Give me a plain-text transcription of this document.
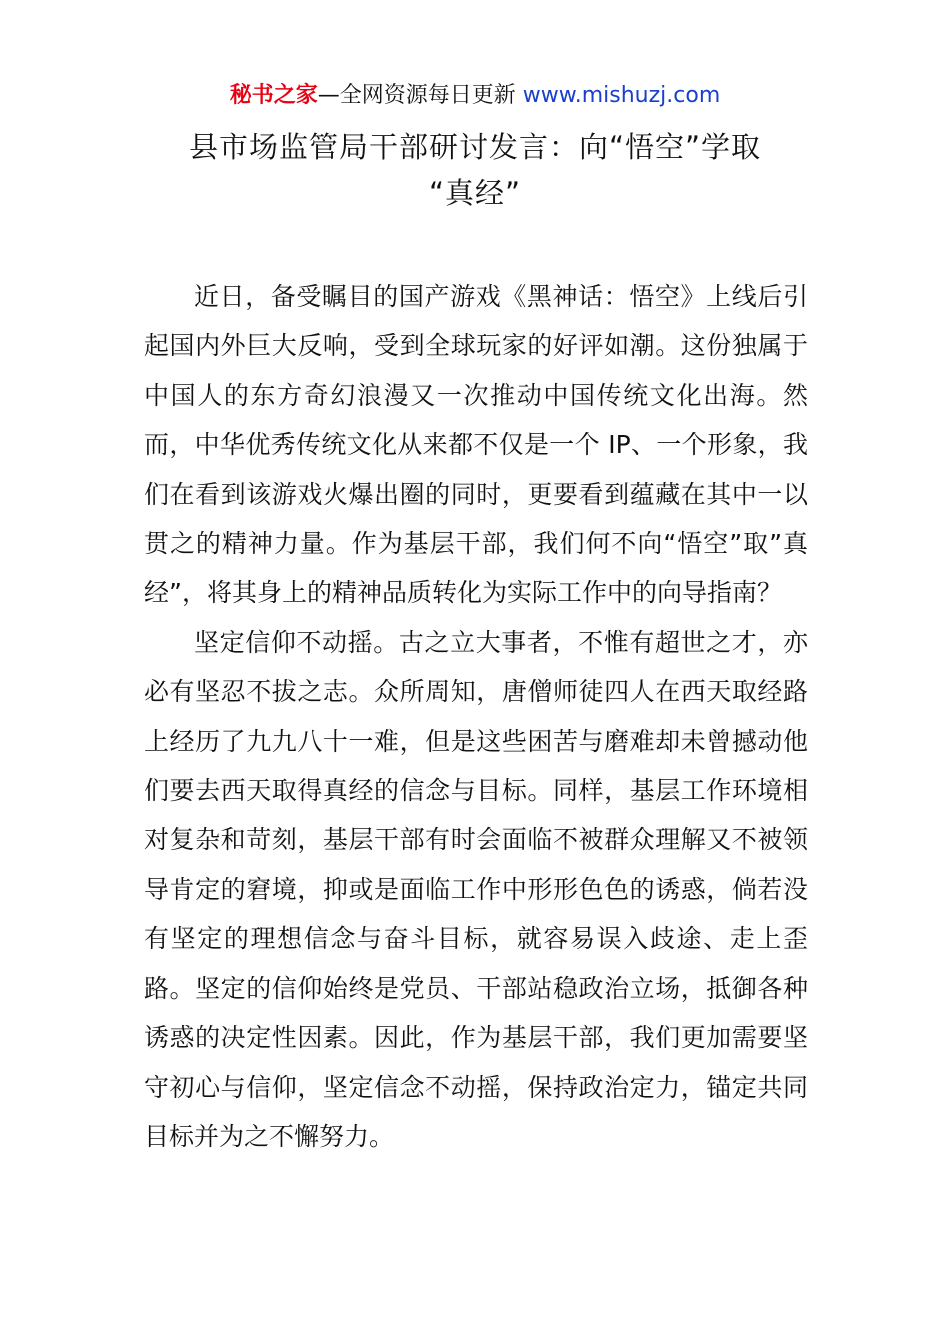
秘书之家—全网资源每日更新 www.mishuzj.com
县市场监管局干部研讨发言：向“悟空”学取
“真经”

近日，备受瞩目的国产游戏《黑神话：悟空》上线后引起国内外巨大反响，受到全球玩家的好评如潮。这份独属于中国人的东方奇幻浪漫又一次推动中国传统文化出海。然而，中华优秀传统文化从来都不仅是一个 IP、一个形象，我们在看到该游戏火爆出圈的同时，更要看到蕴藏在其中一以贯之的精神力量。作为基层干部，我们何不向“悟空”取”真经”，将其身上的精神品质转化为实际工作中的向导指南？

坚定信仰不动摇。古之立大事者，不惟有超世之才，亦必有坚忍不拔之志。众所周知，唐僧师徒四人在西天取经路上经历了九九八十一难，但是这些困苦与磨难却未曾撼动他们要去西天取得真经的信念与目标。同样，基层工作环境相对复杂和苛刻，基层干部有时会面临不被群众理解又不被领导肯定的窘境，抑或是面临工作中形形色色的诱惑，倘若没有坚定的理想信念与奋斗目标，就容易误入歧途、走上歪路。坚定的信仰始终是党员、干部站稳政治立场，抵御各种诱惑的决定性因素。因此，作为基层干部，我们更加需要坚守初心与信仰，坚定信念不动摇，保持政治定力，锚定共同目标并为之不懈努力。
